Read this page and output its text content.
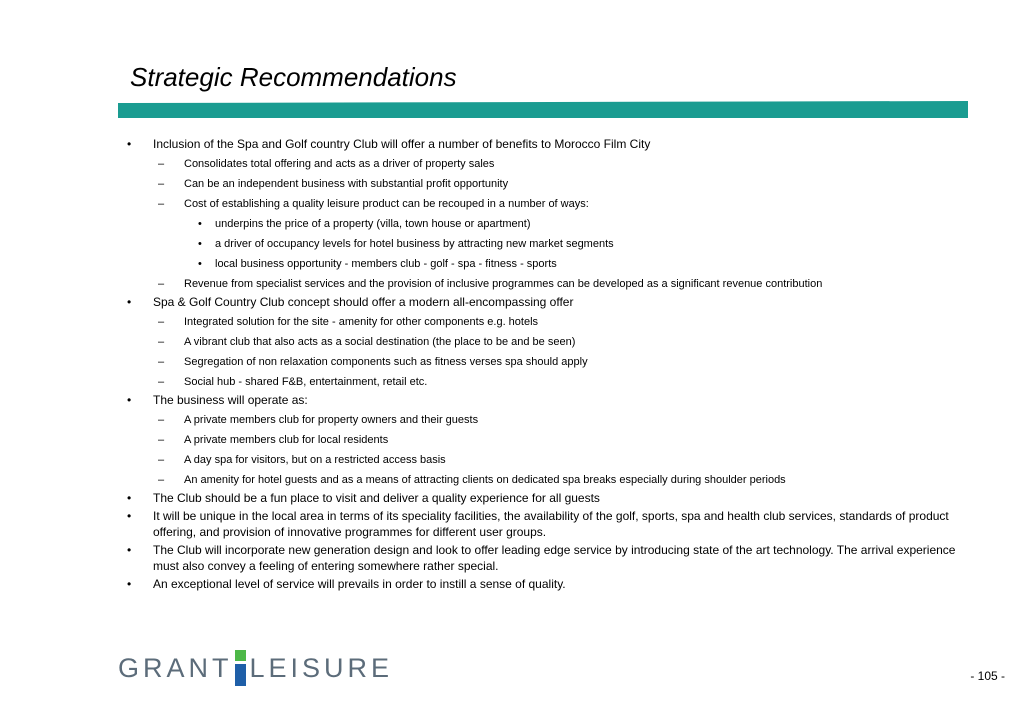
Strategic Recommendations
• Inclusion of the Spa and Golf country Club will offer a number of benefits to Morocco Film City
– Consolidates total offering and acts as a driver of property sales
– Can be an independent business with substantial profit opportunity
– Cost of establishing a quality leisure product can be recouped in a number of ways:
• underpins the price of a property (villa, town house or apartment)
• a driver of occupancy levels for hotel business by attracting new market segments
• local business opportunity - members club - golf - spa - fitness - sports
– Revenue from specialist services and the provision of inclusive programmes can be developed as a significant revenue contribution
• Spa & Golf Country Club concept should offer a modern all-encompassing offer
– Integrated solution for the site - amenity for other components e.g. hotels
– A vibrant club that also acts as a social destination (the place to be and be seen)
– Segregation of non relaxation components such as fitness verses spa should apply
– Social hub - shared F&B, entertainment, retail etc.
• The business will operate as:
– A private members club for property owners and their guests
– A private members club for local residents
– A day spa for visitors, but on a restricted access basis
– An amenity for hotel guests and as a means of attracting clients on dedicated spa breaks especially during shoulder periods
• The Club should be a fun place to visit and deliver a quality experience for all guests
• It will be unique in the local area in terms of its speciality facilities, the availability of the golf, sports, spa and health club services, standards of product offering, and provision of innovative programmes for different user groups.
• The Club will incorporate new generation design and look to offer leading edge service by introducing state of the art technology. The arrival experience must also convey a feeling of entering somewhere rather special.
• An exceptional level of service will prevails in order to instill a sense of quality.
GRANT LEISURE	- 105 -
